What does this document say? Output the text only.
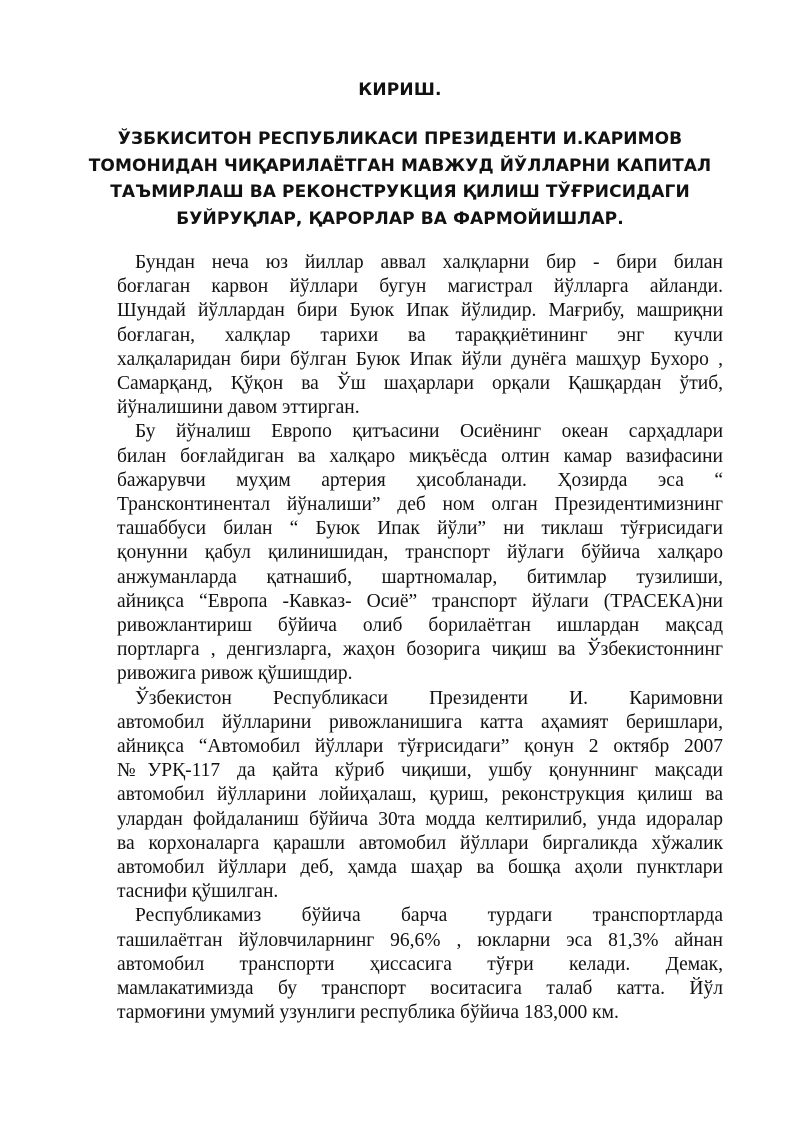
КИРИШ.
ЎЗБКИСИТОН РЕСПУБЛИКАСИ ПРЕЗИДЕНТИ И.КАРИМОВ
ТОМОНИДАН ЧИҚАРИЛАЁТГАН МАВЖУД ЙЎЛЛАРНИ КАПИТАЛ
ТАЪМИРЛАШ ВА РЕКОНСТРУКЦИЯ ҚИЛИШ ТЎҒРИСИДАГИ
БУЙРУҚЛАР, ҚАРОРЛАР ВА ФАРМОЙИШЛАР.
Бундан неча юз йиллар аввал халқларни бир - бири билан
боғлаган карвон йўллари бугун магистрал йўлларга айланди.
Шундай йўллардан бири Буюк Ипак йўлидир. Мағрибу, машриқни
боғлаган, халқлар тарихи ва тараққиётининг энг кучли
халқаларидан бири бўлган Буюк Ипак йўли дунёга машҳур Бухоро ,
Самарқанд, Қўқон ва Ўш шаҳарлари орқали Қашқардан ўтиб,
йўналишини давом эттирган.
Бу йўналиш Европо қитъасини Осиёнинг океан сарҳадлари
билан боғлайдиган ва халқаро миқъёсда олтин камар вазифасини
бажарувчи муҳим артерия ҳисобланади. Ҳозирда эса “
Трансконтинентал йўналиши” деб ном олган Президентимизнинг
ташаббуси билан “ Буюк Ипак йўли” ни тиклаш тўғрисидаги
қонунни қабул қилинишидан, транспорт йўлаги бўйича халқаро
анжуманларда қатнашиб, шартномалар, битимлар тузилиши,
айниқса “Европа -Кавказ- Осиё” транспорт йўлаги (ТРАСЕКА)ни
ривожлантириш бўйича олиб борилаётган ишлардан мақсад
портларга , денгизларга, жаҳон бозорига чиқиш ва Ўзбекистоннинг
ривожига ривож қўшишдир.
Ўзбекистон Республикаси Президенти И. Каримовни
автомобил йўлларини ривожланишига катта аҳамият беришлари,
айниқса “Автомобил йўллари тўғрисидаги” қонун 2 октябр 2007
№УРҚ-117 да қайта кўриб чиқиши, ушбу қонуннинг мақсади
автомобил йўлларини лойиҳалаш, қуриш, реконструкция қилиш ва
улардан фойдаланиш бўйича 30та модда келтирилиб, унда идоралар
ва корхоналарга қарашли автомобил йўллари биргаликда хўжалик
автомобил йўллари деб, ҳамда шаҳар ва бошқа аҳоли пунктлари
таснифи қўшилган.
Республикамиз бўйича барча турдаги транспортларда
ташилаётган йўловчиларнинг 96,6% , юкларни эса 81,3% айнан
автомобил транспорти ҳиссасига тўғри келади. Демак,
мамлакатимизда бу транспорт воситасига талаб катта. Йўл
тармоғини умумий узунлиги республика бўйича 183,000 км.
